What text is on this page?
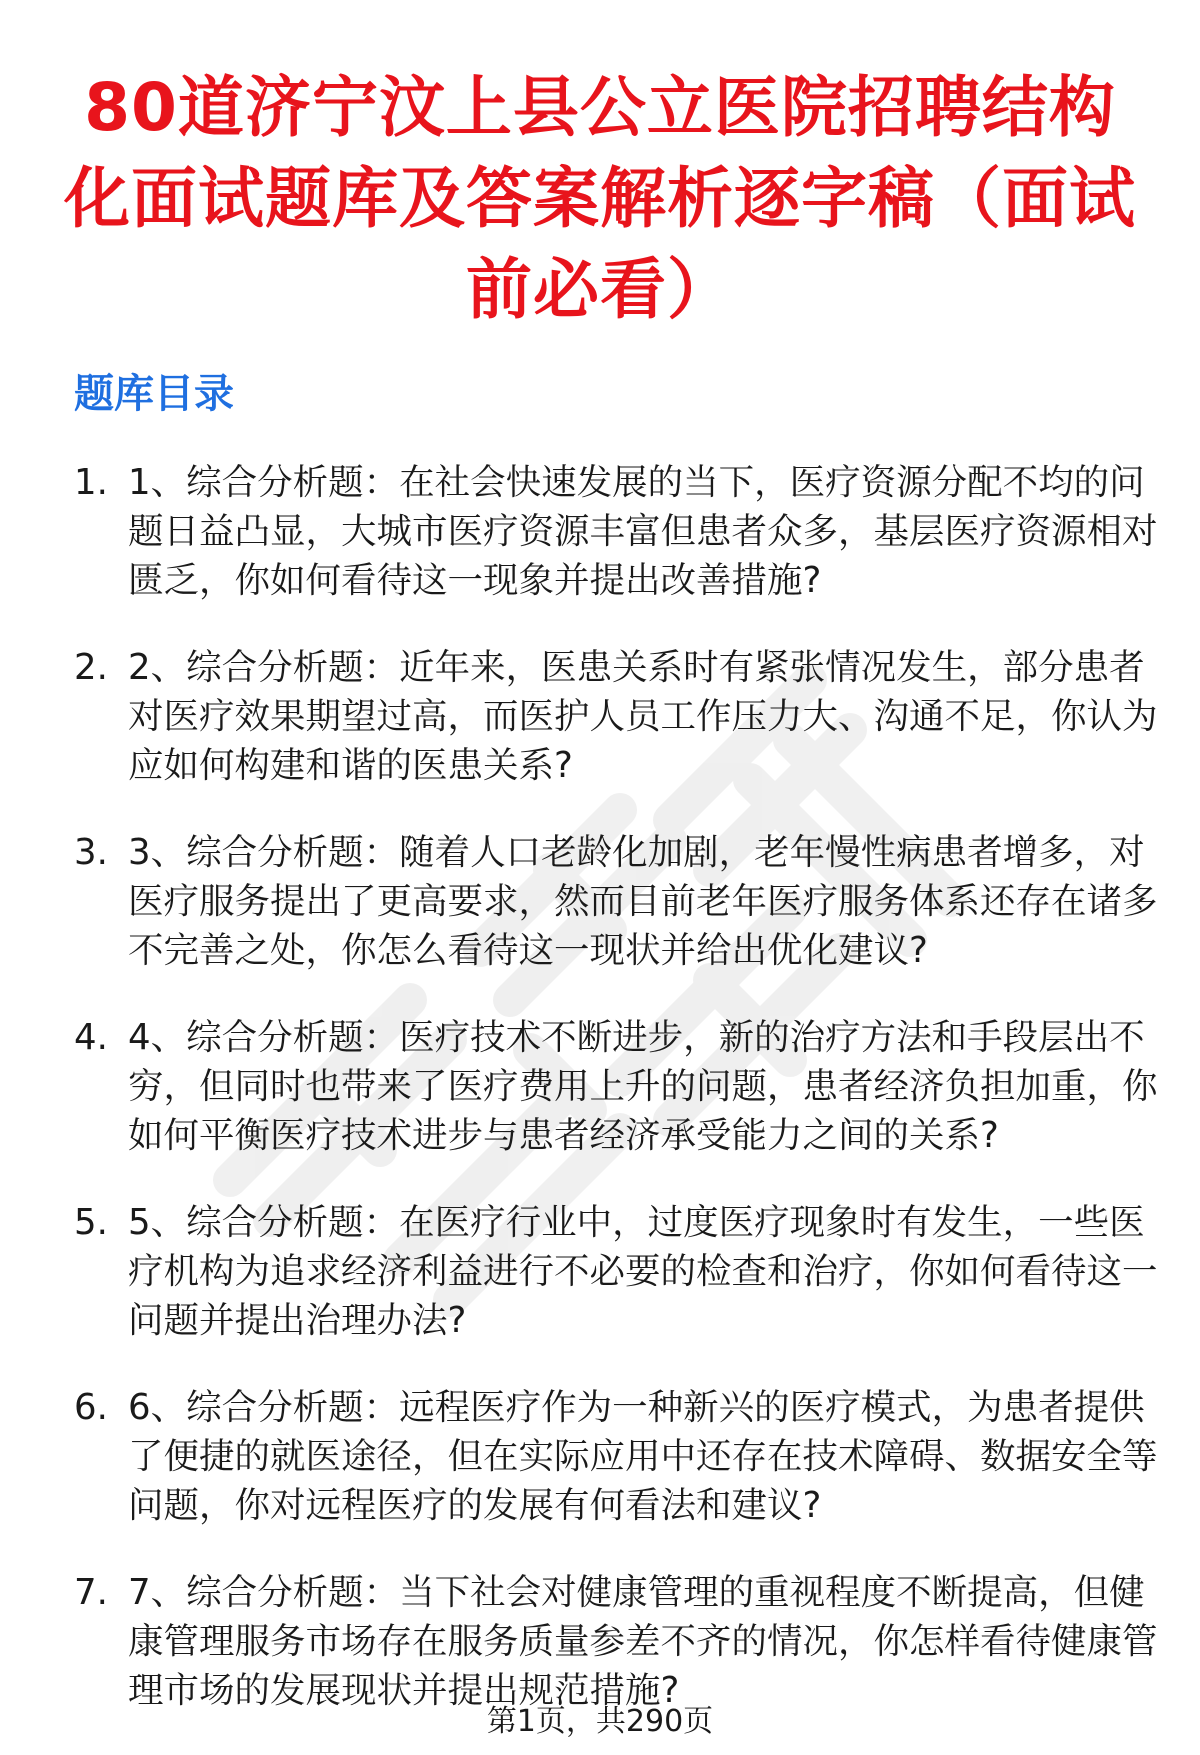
80道济宁汶上县公立医院招聘结构化面试题库及答案解析逐字稿（面试前必看）
题库目录
1. 1、综合分析题：在社会快速发展的当下，医疗资源分配不均的问题日益凸显，大城市医疗资源丰富但患者众多，基层医疗资源相对匮乏，你如何看待这一现象并提出改善措施?
2. 2、综合分析题：近年来，医患关系时有紧张情况发生，部分患者对医疗效果期望过高，而医护人员工作压力大、沟通不足，你认为应如何构建和谐的医患关系?
3. 3、综合分析题：随着人口老龄化加剧，老年慢性病患者增多，对医疗服务提出了更高要求，然而目前老年医疗服务体系还存在诸多不完善之处，你怎么看待这一现状并给出优化建议?
4. 4、综合分析题：医疗技术不断进步，新的治疗方法和手段层出不穷，但同时也带来了医疗费用上升的问题，患者经济负担加重，你如何平衡医疗技术进步与患者经济承受能力之间的关系?
5. 5、综合分析题：在医疗行业中，过度医疗现象时有发生，一些医疗机构为追求经济利益进行不必要的检查和治疗，你如何看待这一问题并提出治理办法?
6. 6、综合分析题：远程医疗作为一种新兴的医疗模式，为患者提供了便捷的就医途径，但在实际应用中还存在技术障碍、数据安全等问题，你对远程医疗的发展有何看法和建议?
7. 7、综合分析题：当下社会对健康管理的重视程度不断提高，但健康管理服务市场存在服务质量参差不齐的情况，你怎样看待健康管理市场的发展现状并提出规范措施?
第1页，共290页
